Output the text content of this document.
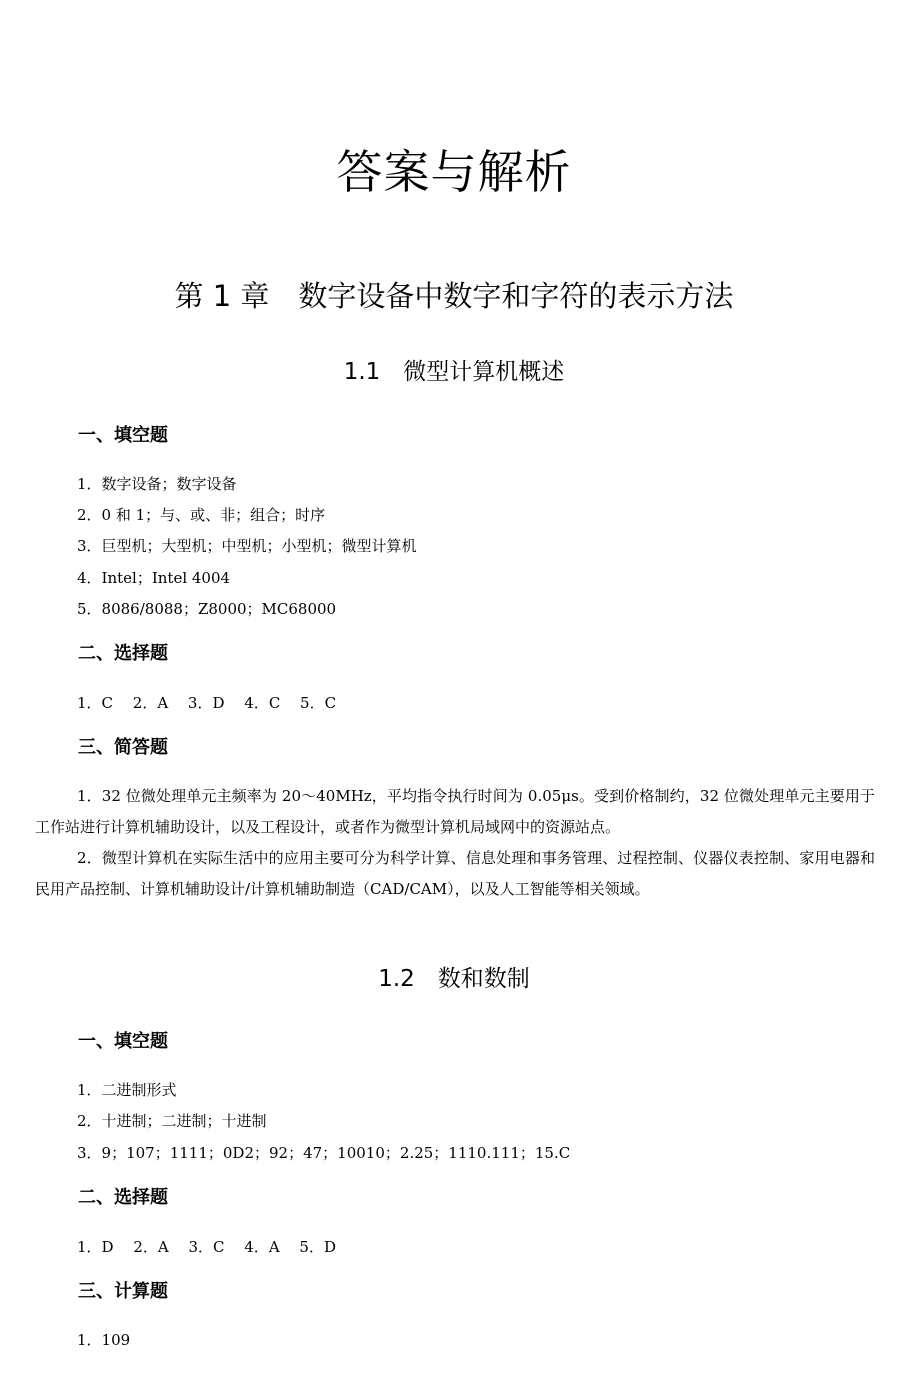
答案与解析
第 1 章　数字设备中数字和字符的表示方法
1.1　微型计算机概述

一、填空题

1．数字设备；数字设备

2．0 和 1；与、或、非；组合；时序

3．巨型机；大型机；中型机；小型机；微型计算机

4．Intel；Intel 4004

5．8086/8088；Z8000；MC68000

二、选择题

1．C　 2．A　 3．D　 4．C　 5．C

三、简答题

1．32 位微处理单元主频率为 20～40MHz，平均指令执行时间为 0.05μs。受到价格制约，32 位微处理单元主要用于工作站进行计算机辅助设计，以及工程设计，或者作为微型计算机局域网中的资源站点。

2．微型计算机在实际生活中的应用主要可分为科学计算、信息处理和事务管理、过程控制、仪器仪表控制、家用电器和民用产品控制、计算机辅助设计/计算机辅助制造（CAD/CAM），以及人工智能等相关领域。

1.2　数和数制

一、填空题

1．二进制形式

2．十进制；二进制；十进制

3．9；107；1111；0D2；92；47；10010；2.25；1110.111；15.C

二、选择题

1．D　 2．A　 3．C　 4．A　 5．D

三、计算题

1．109
